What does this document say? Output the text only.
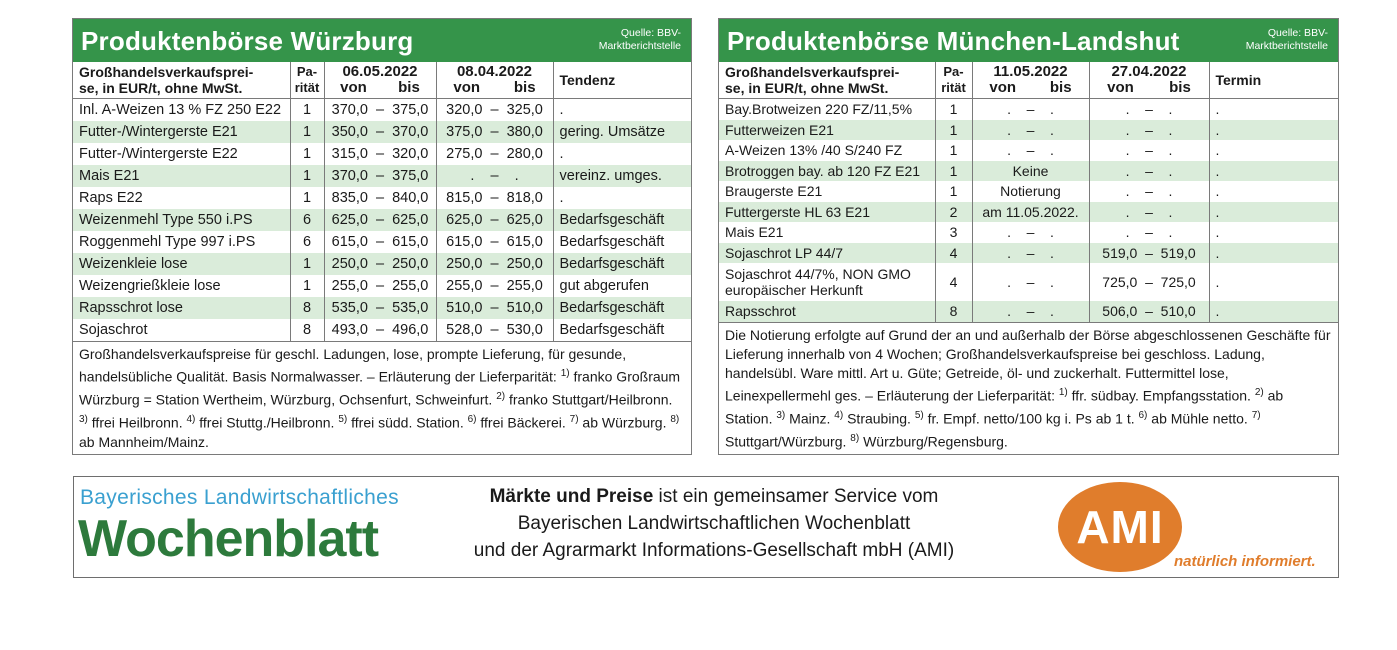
Produktenbörse Würzburg	Quelle: BBV-
Marktberichtstelle
Großhandelsverkaufsprei-
se, in EUR/t, ohne MwSt.	Pa-
rität	06.05.2022
von bis	08.04.2022
von bis	Tendenz
Inl. A-Weizen 13 % FZ 250 E22	1	370,0  –  375,0	320,0  –  325,0	.
Futter-/Wintergerste E21	1	350,0  –  370,0	375,0  –  380,0	gering. Umsätze
Futter-/Wintergerste E22	1	315,0  –  320,0	275,0  –  280,0	.
Mais E21	1	370,0  –  375,0	.    –    .	vereinz. umges.
Raps E22	1	835,0  –  840,0	815,0  –  818,0	.
Weizenmehl Type 550 i.PS	6	625,0  –  625,0	625,0  –  625,0	Bedarfsgeschäft
Roggenmehl Type 997 i.PS	6	615,0  –  615,0	615,0  –  615,0	Bedarfsgeschäft
Weizenkleie lose	1	250,0  –  250,0	250,0  –  250,0	Bedarfsgeschäft
Weizengrießkleie lose	1	255,0  –  255,0	255,0  –  255,0	gut abgerufen
Rapsschrot lose	8	535,0  –  535,0	510,0  –  510,0	Bedarfsgeschäft
Sojaschrot	8	493,0  –  496,0	528,0  –  530,0	Bedarfsgeschäft
Großhandelsverkaufspreise für geschl. Ladungen, lose, prompte Lieferung, für gesunde, handelsübliche Qualität. Basis Normalwasser. – Erläuterung der Lieferparität: $^{1)}$ franko Großraum Würzburg = Station Wertheim, Würzburg, Ochsenfurt, Schweinfurt. $^{2)}$ franko Stuttgart/Heilbronn. $^{3)}$ ffrei Heilbronn. $^{4)}$ ffrei Stuttg./Heilbronn. $^{5)}$ ffrei südd. Station. $^{6)}$ ffrei Bäckerei. $^{7)}$ ab Würzburg. $^{8)}$ ab Mannheim/Mainz.
Produktenbörse München-Landshut	Quelle: BBV-
Marktberichtstelle
Großhandelsverkaufsprei-
se, in EUR/t, ohne MwSt.	Pa-
rität	11.05.2022
von bis	27.04.2022
von bis	Termin
Bay.Brotweizen 220 FZ/11,5%	1	.    –    .	.    –    .	.
Futterweizen E21	1	.    –    .	.    –    .	.
A-Weizen 13% /40 S/240 FZ	1	.    –    .	.    –    .	.
Brotroggen bay. ab 120 FZ E21	1	Keine	.    –    .	.
Braugerste E21	1	Notierung	.    –    .	.
Futtergerste HL 63 E21	2	am 11.05.2022.	.    –    .	.
Mais E21	3	.    –    .	.    –    .	.
Sojaschrot LP 44/7	4	.    –    .	519,0  –  519,0	.
Sojaschrot 44/7%, NON GMO
europäischer Herkunft	4	.    –    .	725,0  –  725,0	.
Rapsschrot	8	.    –    .	506,0  –  510,0	.
Die Notierung erfolgte auf Grund der an und außerhalb der Börse abgeschlossenen Geschäfte für Lieferung innerhalb von 4 Wochen; Großhandelsverkaufspreise bei geschloss. Ladung, handelsübl. Ware mittl. Art u. Güte; Getreide, öl- und zuckerhalt. Futtermittel lose, Leinexpellermehl ges. – Erläuterung der Lieferparität: $^{1)}$ ffr. südbay. Empfangsstation. $^{2)}$ ab Station. $^{3)}$ Mainz. $^{4)}$ Straubing. $^{5)}$ fr. Empf. netto/100 kg i. Ps ab 1 t. $^{6)}$ ab Mühle netto. $^{7)}$ Stuttgart/Würzburg. $^{8)}$ Würzburg/Regensburg.
Bayerisches Landwirtschaftliches
Wochenblatt
Märkte und Preise ist ein gemeinsamer Service vom
Bayerischen Landwirtschaftlichen Wochenblatt
und der Agrarmarkt Informations-Gesellschaft mbH (AMI)	AMI
natürlich informiert.
